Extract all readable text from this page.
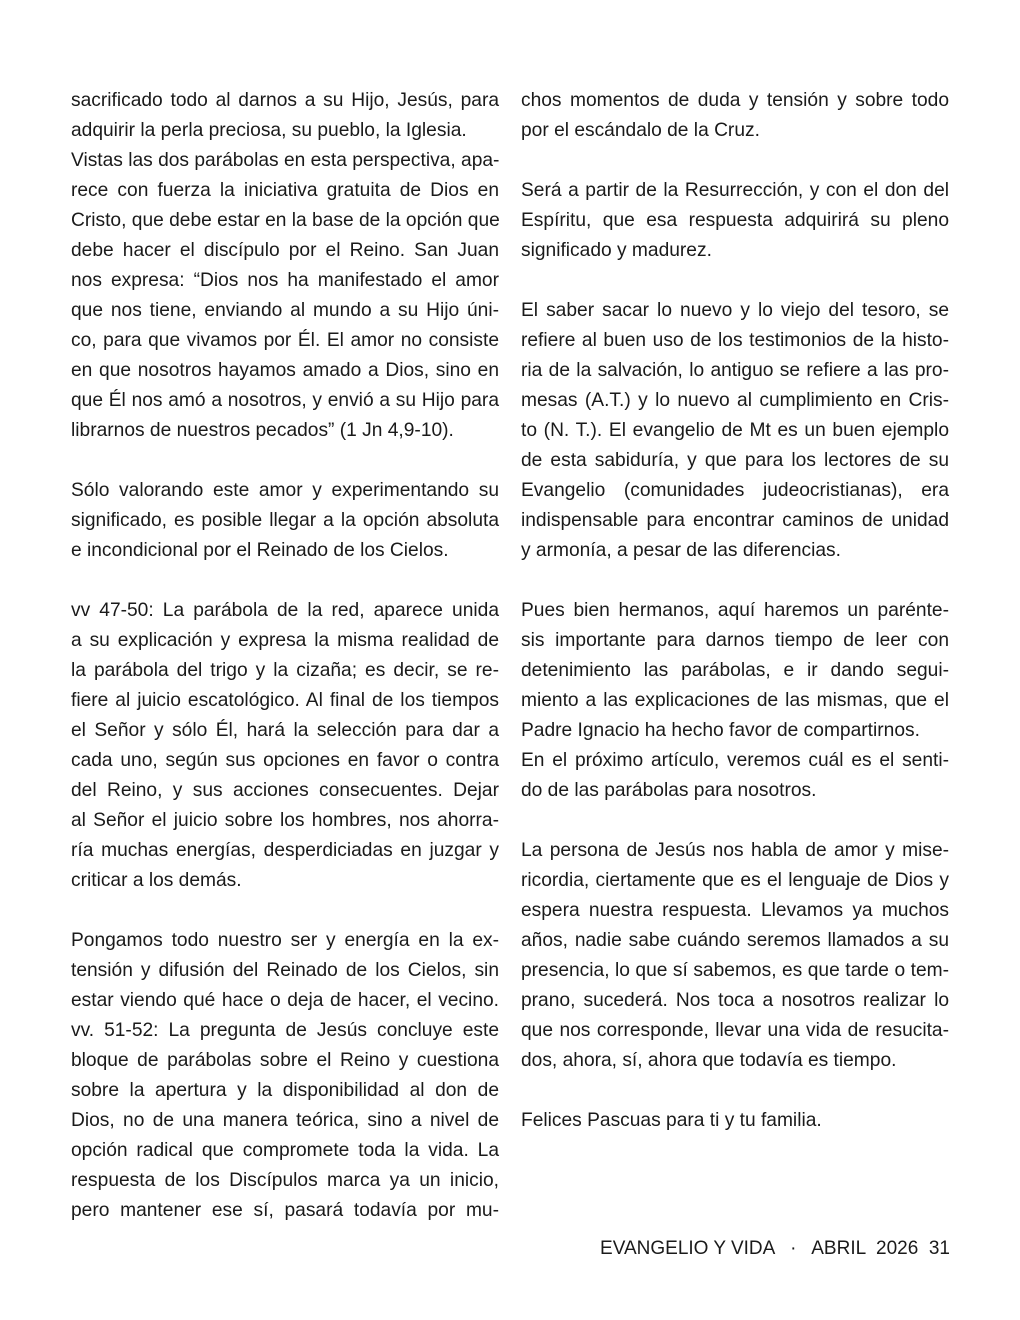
sacrificado todo al darnos a su Hijo, Jesús, para
adquirir la perla preciosa, su pueblo, la Iglesia.
Vistas las dos parábolas en esta perspectiva, apa-
rece con fuerza la iniciativa gratuita de Dios en
Cristo, que debe estar en la base de la opción que
debe hacer el discípulo por el Reino. San Juan
nos expresa: “Dios nos ha manifestado el amor
que nos tiene, enviando al mundo a su Hijo úni-
co, para que vivamos por Él. El amor no consiste
en que nosotros hayamos amado a Dios, sino en
que Él nos amó a nosotros, y envió a su Hijo para
librarnos de nuestros pecados” (1 Jn 4,9-10).
Sólo valorando este amor y experimentando su
significado, es posible llegar a la opción absoluta
e incondicional por el Reinado de los Cielos.
vv 47-50: La parábola de la red, aparece unida
a su explicación y expresa la misma realidad de
la parábola del trigo y la cizaña; es decir, se re-
fiere al juicio escatológico. Al final de los tiempos
el Señor y sólo Él, hará la selección para dar a
cada uno, según sus opciones en favor o contra
del Reino, y sus acciones consecuentes. Dejar
al Señor el juicio sobre los hombres, nos ahorra-
ría muchas energías, desperdiciadas en juzgar y
criticar a los demás.
Pongamos todo nuestro ser y energía en la ex-
tensión y difusión del Reinado de los Cielos, sin
estar viendo qué hace o deja de hacer, el vecino.
vv. 51-52: La pregunta de Jesús concluye este
bloque de parábolas sobre el Reino y cuestiona
sobre la apertura y la disponibilidad al don de
Dios, no de una manera teórica, sino a nivel de
opción radical que compromete toda la vida. La
respuesta de los Discípulos marca ya un inicio,
pero mantener ese sí, pasará todavía por mu-
chos momentos de duda y tensión y sobre todo
por el escándalo de la Cruz.
Será a partir de la Resurrección, y con el don del
Espíritu, que esa respuesta adquirirá su pleno
significado y madurez.
El saber sacar lo nuevo y lo viejo del tesoro, se
refiere al buen uso de los testimonios de la histo-
ria de la salvación, lo antiguo se refiere a las pro-
mesas (A.T.) y lo nuevo al cumplimiento en Cris-
to (N. T.). El evangelio de Mt es un buen ejemplo
de esta sabiduría, y que para los lectores de su
Evangelio (comunidades judeocristianas), era
indispensable para encontrar caminos de unidad
y armonía, a pesar de las diferencias.
Pues bien hermanos, aquí haremos un parénte-
sis importante para darnos tiempo de leer con
detenimiento las parábolas, e ir dando segui-
miento a las explicaciones de las mismas, que el
Padre Ignacio ha hecho favor de compartirnos.
En el próximo artículo, veremos cuál es el senti-
do de las parábolas para nosotros.
La persona de Jesús nos habla de amor y mise-
ricordia, ciertamente que es el lenguaje de Dios y
espera nuestra respuesta. Llevamos ya muchos
años, nadie sabe cuándo seremos llamados a su
presencia, lo que sí sabemos, es que tarde o tem-
prano, sucederá. Nos toca a nosotros realizar lo
que nos corresponde, llevar una vida de resucita-
dos, ahora, sí, ahora que todavía es tiempo.
Felices Pascuas para ti y tu familia.
EVANGELIO Y VIDA · ABRIL  2026 31
